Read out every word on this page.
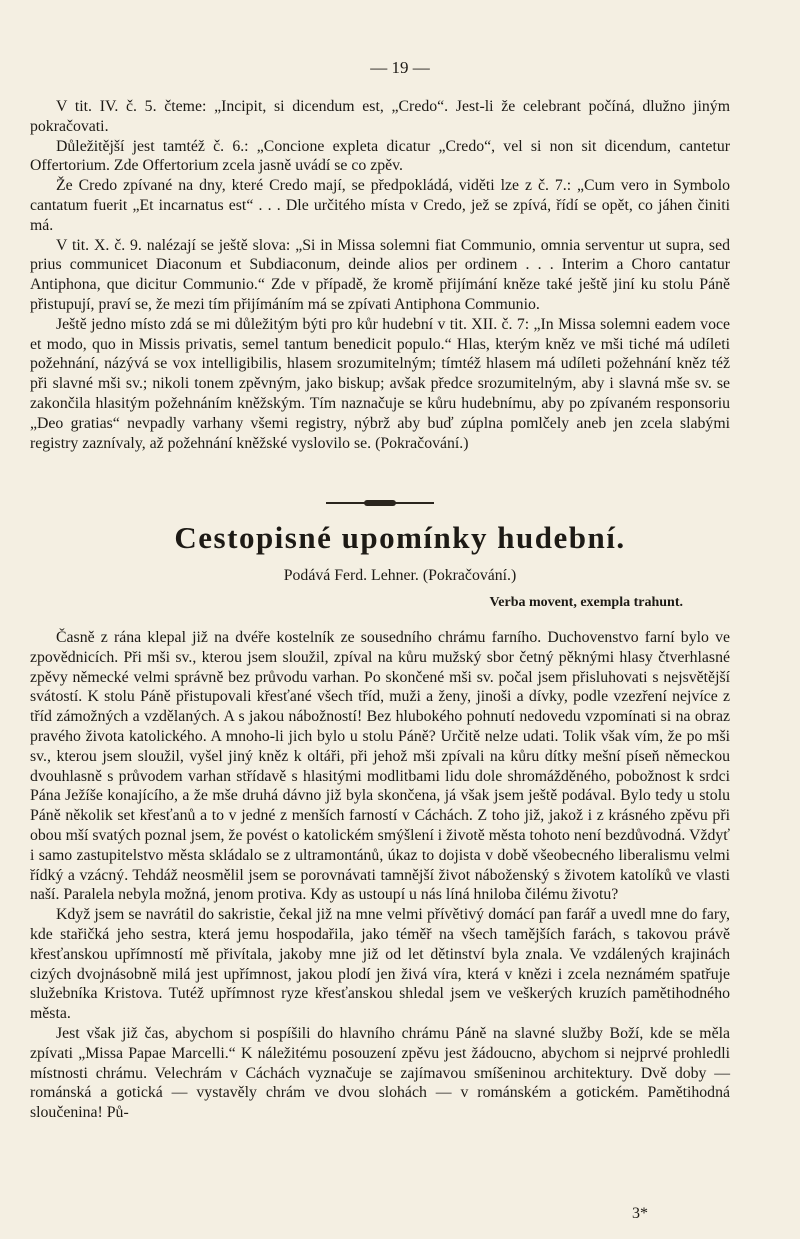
— 19 —

V tit. IV. č. 5. čteme: „Incipit, si dicendum est, „Credo“. Jest-li že celebrant počíná, dlužno jiným pokračovati.

Důležitější jest tamtéž č. 6.: „Concione expleta dicatur „Credo“, vel si non sit dicendum, cantetur Offertorium. Zde Offertorium zcela jasně uvádí se co zpěv.

Že Credo zpívané na dny, které Credo mají, se předpokládá, viděti lze z č. 7.: „Cum vero in Symbolo cantatum fuerit „Et incarnatus est“ . . . Dle určitého místa v Credo, jež se zpívá, řídí se opět, co jáhen činiti má.

V tit. X. č. 9. nalézají se ještě slova: „Si in Missa solemni fiat Communio, omnia serventur ut supra, sed prius communicet Diaconum et Subdiaconum, deinde alios per ordinem . . . Interim a Choro cantatur Antiphona, que dicitur Communio.“ Zde v případě, že kromě přijímání kněze také ještě jiní ku stolu Páně přistupují, praví se, že mezi tím přijímáním má se zpívati Antiphona Communio.

Ještě jedno místo zdá se mi důležitým býti pro kůr hudební v tit. XII. č. 7: „In Missa solemni eadem voce et modo, quo in Missis privatis, semel tantum benedicit populo.“ Hlas, kterým kněz ve mši tiché má udíleti požehnání, názývá se vox intelligibilis, hlasem srozumitelným; tímtéž hlasem má udíleti požehnání kněz též při slavné mši sv.; nikoli tonem zpěvným, jako biskup; avšak předce srozumitelným, aby i slavná mše sv. se zakončila hlasitým požehnáním kněžským. Tím naznačuje se kůru hudebnímu, aby po zpívaném responsoriu „Deo gratias“ nevpadly varhany všemi registry, nýbrž aby buď zúplna pomlčely aneb jen zcela slabými registry zaznívaly, až požehnání kněžské vyslovilo se. (Pokračování.)

Cestopisné upomínky hudební.
Podává Ferd. Lehner. (Pokračování.)
Verba movent, exempla trahunt.

Časně z rána klepal již na dvéře kostelník ze sousedního chrámu farního. Duchovenstvo farní bylo ve zpovědnicích. Při mši sv., kterou jsem sloužil, zpíval na kůru mužský sbor četný pěknými hlasy čtverhlasné zpěvy německé velmi správně bez průvodu varhan. Po skončené mši sv. počal jsem přisluhovati s nejsvětější svátostí. K stolu Páně přistupovali křesťané všech tříd, muži a ženy, jinoši a dívky, podle vzezření nejvíce z tříd zámožných a vzdělaných. A s jakou nábožností! Bez hlubokého pohnutí nedovedu vzpomínati si na obraz pravého života katolického. A mnoho-li jich bylo u stolu Páně? Určitě nelze udati. Tolik však vím, že po mši sv., kterou jsem sloužil, vyšel jiný kněz k oltáři, při jehož mši zpívali na kůru dítky mešní píseň německou dvouhlasně s průvodem varhan střídavě s hlasitými modlitbami lidu dole shromážděného, pobožnost k srdci Pána Ježíše konajícího, a že mše druhá dávno již byla skončena, já však jsem ještě podával. Bylo tedy u stolu Páně několik set křesťanů a to v jedné z menších farností v Cáchách. Z toho již, jakož i z krásného zpěvu při obou mší svatých poznal jsem, že povést o katolickém smýšlení i životě města tohoto není bezdůvodná. Vždyť i samo zastupitelstvo města skládalo se z ultramontánů, úkaz to dojista v době všeobecného liberalismu velmi řídký a vzácný. Tehdáž neosmělil jsem se porovnávati tamnější život náboženský s životem katolíků ve vlasti naší. Paralela nebyla možná, jenom protiva. Kdy as ustoupí u nás líná hniloba čilému životu?

Když jsem se navrátil do sakristie, čekal již na mne velmi přívětivý domácí pan farář a uvedl mne do fary, kde stařičká jeho sestra, která jemu hospodařila, jako téměř na všech tamějších farách, s takovou právě křesťanskou upřímností mě přivítala, jakoby mne již od let dětinství byla znala. Ve vzdálených krajinách cizých dvojnásobně milá jest upřímnost, jakou plodí jen živá víra, která v knězi i zcela neznámém spatřuje služebníka Kristova. Tutéž upřímnost ryze křesťanskou shledal jsem ve veškerých kruzích pamětihodného města.

Jest však již čas, abychom si pospíšili do hlavního chrámu Páně na slavné služby Boží, kde se měla zpívati „Missa Papae Marcelli.“ K náležitému posouzení zpěvu jest žádoucno, abychom si nejprvé prohledli místnosti chrámu. Velechrám v Cáchách vyznačuje se zajímavou smíšeninou architektury. Dvě doby — románská a gotická — vystavěly chrám ve dvou slohách — v románském a gotickém. Pamětihodná sloučenina! Pů-

3*
